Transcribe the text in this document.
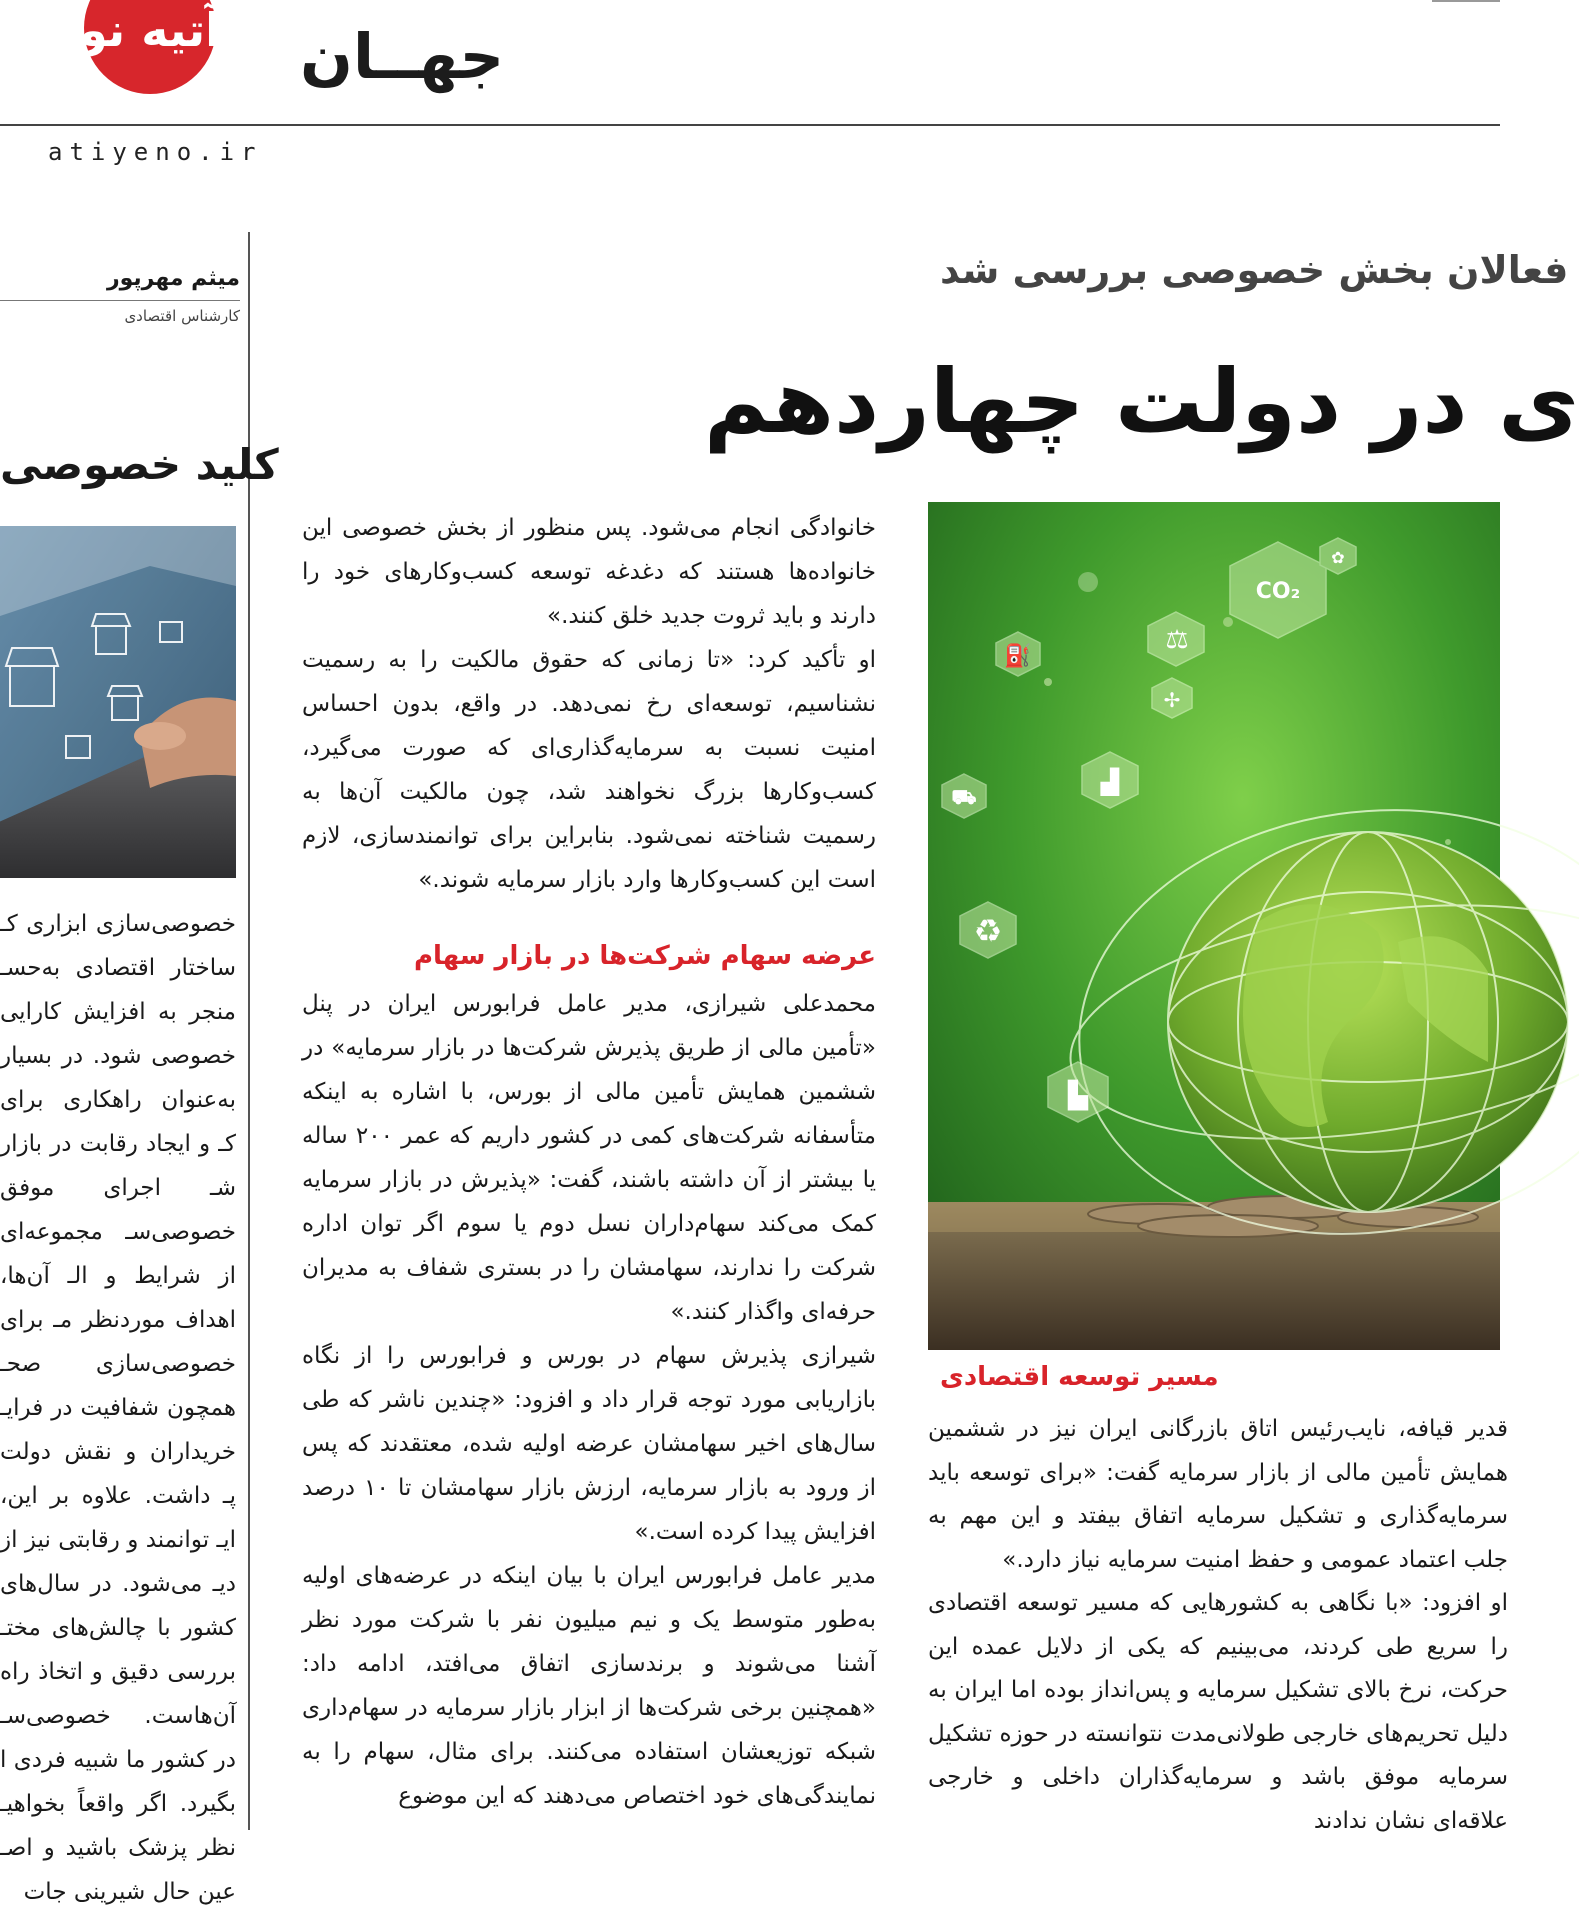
آتیه نو جهــان
atiyeno.ir
میثم مهرپور
کارشناس اقتصادی
کلید خصوصی

خصوصی‌سازی ابزاری کـ ساختار اقتصادی به‌حسـ منجر به افزایش کارایی خصوصی شود. در بسیار به‌عنوان راهکاری برای کـ و ایجاد رقابت در بازار شـ اجرای موفق خصوصی‌سـ مجموعه‌ای از شرایط و الـ آن‌ها، اهداف موردنظر مـ برای خصوصی‌سازی صحـ همچون شفافیت در فرایـ خریداران و نقش دولت پـ داشت. علاوه بر این، ایـ توانمند و رقابتی نیز از دیـ می‌شود. در سال‌های کشور با چالش‌های مختـ بررسی دقیق و اتخاذ راه آن‌هاست. خصوصی‌سـ در کشور ما شبیه فردی ا بگیرد. اگر واقعاً بخواهیـ نظر پزشک باشید و اصـ عین حال شیرینی جات

فعالان بخش خصوصی بررسی شد
ی در دولت چهاردهم

خانوادگی انجام می‌شود. پس منظور از بخش خصوصی این خانواده‌ها هستند که دغدغه توسعه کسب‌وکارهای خود را دارند و باید ثروت جدید خلق کنند.»

او تأکید کرد: «تا زمانی که حقوق مالکیت را به رسمیت نشناسیم، توسعه‌ای رخ نمی‌دهد. در واقع، بدون احساس امنیت نسبت به سرمایه‌گذاری‌ای که صورت می‌گیرد، کسب‌وکارها بزرگ نخواهند شد، چون مالکیت آن‌ها به رسمیت شناخته نمی‌شود. بنابراین برای توانمندسازی، لازم است این کسب‌وکارها وارد بازار سرمایه شوند.»

عرضه سهام شرکت‌ها در بازار سهام

محمدعلی شیرازی، مدیر عامل فرابورس ایران در پنل «تأمین مالی از طریق پذیرش شرکت‌ها در بازار سرمایه» در ششمین همایش تأمین مالی از بورس، با اشاره به اینکه متأسفانه شرکت‌های کمی در کشور داریم که عمر ۲۰۰ ساله یا بیشتر از آن داشته باشند، گفت: «پذیرش در بازار سرمایه کمک می‌کند سهام‌داران نسل دوم یا سوم اگر توان اداره شرکت را ندارند، سهامشان را در بستری شفاف به مدیران حرفه‌ای واگذار کنند.»

شیرازی پذیرش سهام در بورس و فرابورس را از نگاه بازاریابی مورد توجه قرار داد و افزود: «چندین ناشر که طی سال‌های اخیر سهامشان عرضه اولیه شده، معتقدند که پس از ورود به بازار سرمایه، ارزش بازار سهامشان تا ۱۰ درصد افزایش پیدا کرده است.»

مدیر عامل فرابورس ایران با بیان اینکه در عرضه‌های اولیه به‌طور متوسط یک و نیم میلیون نفر با شرکت مورد نظر آشنا می‌شوند و برندسازی اتفاق می‌افتد، ادامه داد: «همچنین برخی شرکت‌ها از ابزار بازار سرمایه در سهام‌داری شبکه توزیعشان استفاده می‌کنند. برای مثال، سهام را به نمایندگی‌های خود اختصاص می‌دهند که این موضوع

CO₂
⚖
⛽
✢
▟
⛟
♻
▙
✿
مسیر توسعه اقتصادی

قدیر قیافه، نایب‌رئیس اتاق بازرگانی ایران نیز در ششمین همایش تأمین مالی از بازار سرمایه گفت: «برای توسعه باید سرمایه‌گذاری و تشکیل سرمایه اتفاق بیفتد و این مهم به جلب اعتماد عمومی و حفظ امنیت سرمایه نیاز دارد.»

او افزود: «با نگاهی به کشورهایی که مسیر توسعه اقتصادی را سریع طی کردند، می‌بینیم که یکی از دلایل عمده این حرکت، نرخ بالای تشکیل سرمایه و پس‌انداز بوده اما ایران به دلیل تحریم‌های خارجی طولانی‌مدت نتوانسته در حوزه تشکیل سرمایه موفق باشد و سرمایه‌گذاران داخلی و خارجی علاقه‌ای نشان ندادند
